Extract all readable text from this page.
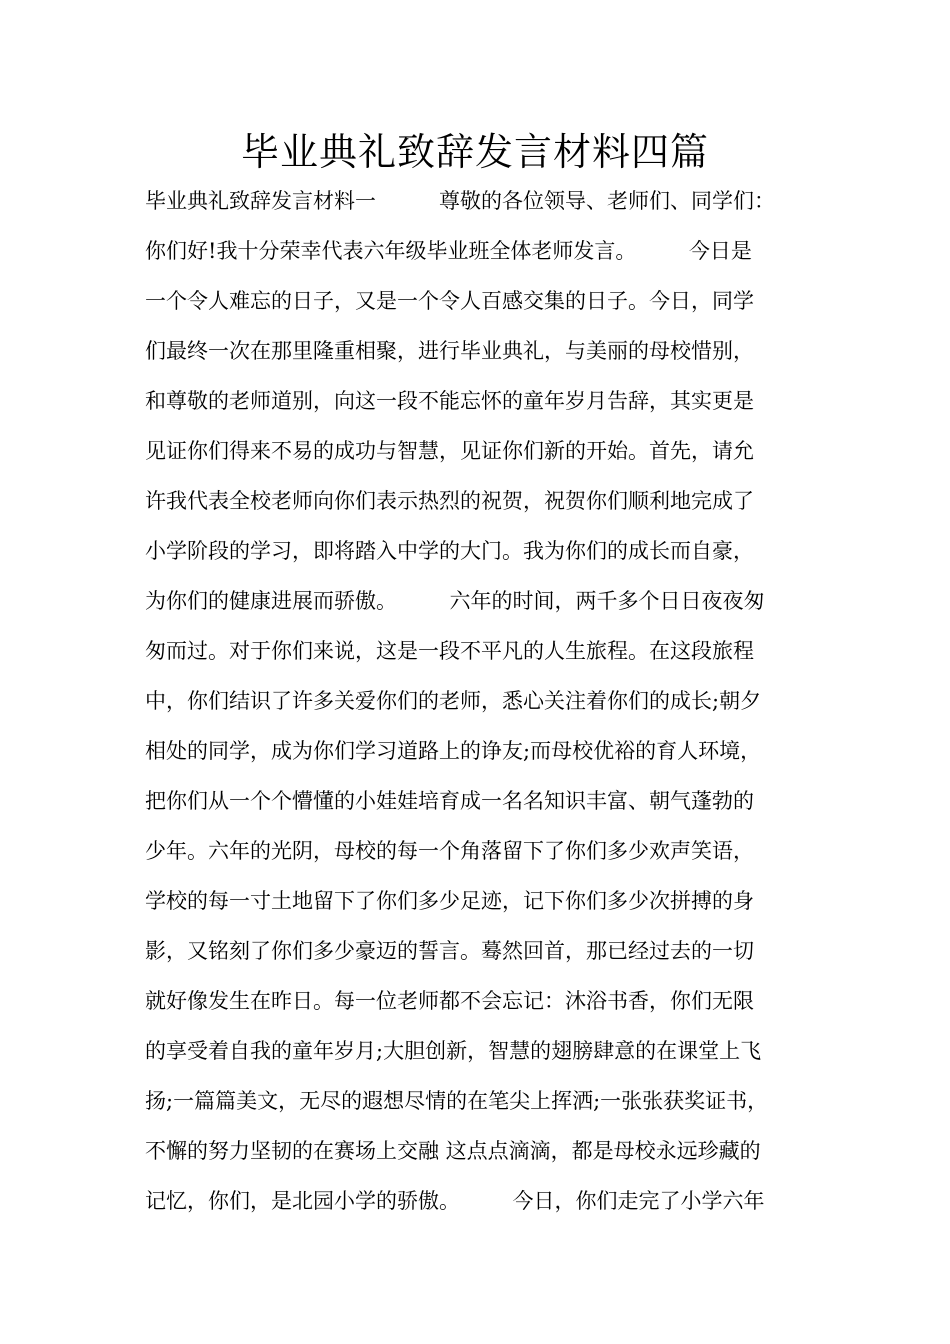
毕业典礼致辞发言材料四篇
毕业典礼致辞发言材料一　　　尊敬的各位领导、老师们、同学们：
你们好!我十分荣幸代表六年级毕业班全体老师发言。　　　今日是
一个令人难忘的日子，又是一个令人百感交集的日子。今日，同学
们最终一次在那里隆重相聚，进行毕业典礼，与美丽的母校惜别，
和尊敬的老师道别，向这一段不能忘怀的童年岁月告辞，其实更是
见证你们得来不易的成功与智慧，见证你们新的开始。首先，请允
许我代表全校老师向你们表示热烈的祝贺，祝贺你们顺利地完成了
小学阶段的学习，即将踏入中学的大门。我为你们的成长而自豪，
为你们的健康进展而骄傲。　　　六年的时间，两千多个日日夜夜匆
匆而过。对于你们来说，这是一段不平凡的人生旅程。在这段旅程
中，你们结识了许多关爱你们的老师，悉心关注着你们的成长;朝夕
相处的同学，成为你们学习道路上的诤友;而母校优裕的育人环境，
把你们从一个个懵懂的小娃娃培育成一名名知识丰富、朝气蓬勃的
少年。六年的光阴，母校的每一个角落留下了你们多少欢声笑语，
学校的每一寸土地留下了你们多少足迹，记下你们多少次拼搏的身
影，又铭刻了你们多少豪迈的誓言。蓦然回首，那已经过去的一切
就好像发生在昨日。每一位老师都不会忘记：沐浴书香，你们无限
的享受着自我的童年岁月;大胆创新，智慧的翅膀肆意的在课堂上飞
扬;一篇篇美文，无尽的遐想尽情的在笔尖上挥洒;一张张获奖证书，
不懈的努力坚韧的在赛场上交融 这点点滴滴，都是母校永远珍藏的
记忆，你们，是北园小学的骄傲。　　　今日，你们走完了小学六年
